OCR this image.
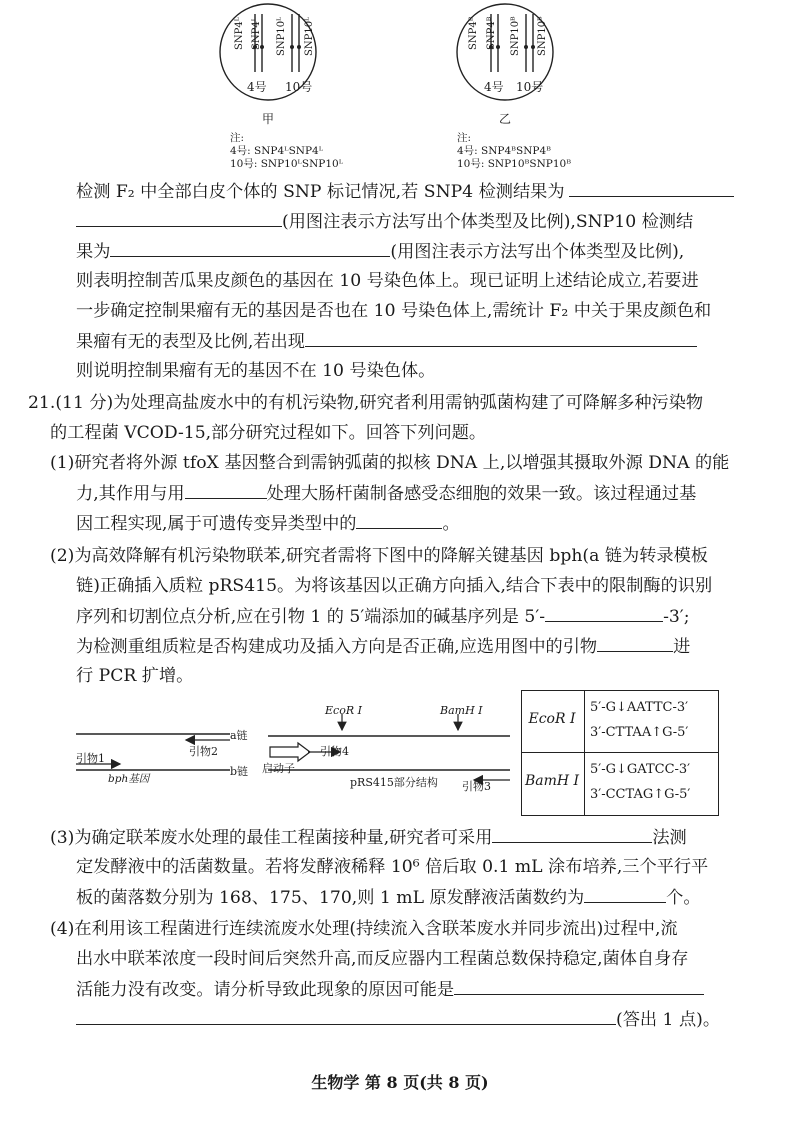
SNP4ᴸ SNP4ᴸ SNP10ᴸ SNP10ᴸ
4号 10号
甲
SNP4ᴮ SNP4ᴮ SNP10ᴮ SNP10ᴮ
4号 10号
乙
注:
4号: SNP4ᴸSNP4ᴸ
10号: SNP10ᴸSNP10ᴸ
注:
4号: SNP4ᴮSNP4ᴮ
10号: SNP10ᴮSNP10ᴮ
检测 F₂ 中全部白皮个体的 SNP 标记情况,若 SNP4 检测结果为
(用图注表示方法写出个体类型及比例),SNP10 检测结
果为	(用图注表示方法写出个体类型及比例),
则表明控制苦瓜果皮颜色的基因在 10 号染色体上。现已证明上述结论成立,若要进
一步确定控制果瘤有无的基因是否也在 10 号染色体上,需统计 F₂ 中关于果皮颜色和
果瘤有无的表型及比例,若出现
则说明控制果瘤有无的基因不在 10 号染色体。
21.(11 分)为处理高盐废水中的有机污染物,研究者利用需钠弧菌构建了可降解多种污染物
的工程菌 VCOD-15,部分研究过程如下。回答下列问题。
(1)研究者将外源 tfoX 基因整合到需钠弧菌的拟核 DNA 上,以增强其摄取外源 DNA 的能
力,其作用与用	处理大肠杆菌制备感受态细胞的效果一致。该过程通过基
因工程实现,属于可遗传变异类型中的	。
(2)为高效降解有机污染物联苯,研究者需将下图中的降解关键基因 bph(a 链为转录模板
链)正确插入质粒 pRS415。为将该基因以正确方向插入,结合下表中的限制酶的识别
序列和切割位点分析,应在引物 1 的 5′端添加的碱基序列是 5′-	-3′;
为检测重组质粒是否构建成功及插入方向是否正确,应选用图中的引物	进
行 PCR 扩增。
a链
b链
引物1
引物2
bph基因
EcoR Ⅰ	BamH Ⅰ
启动子
引物4
pRS415部分结构 引物3
EcoR Ⅰ
5′-G↓AATTC-3′
3′-CTTAA↑G-5′
BamH Ⅰ
5′-G↓GATCC-3′
3′-CCTAG↑G-5′
(3)为确定联苯废水处理的最佳工程菌接种量,研究者可采用	法测
定发酵液中的活菌数量。若将发酵液稀释 10⁶ 倍后取 0.1 mL 涂布培养,三个平行平
板的菌落数分别为 168、175、170,则 1 mL 原发酵液活菌数约为	个。
(4)在利用该工程菌进行连续流废水处理(持续流入含联苯废水并同步流出)过程中,流
出水中联苯浓度一段时间后突然升高,而反应器内工程菌总数保持稳定,菌体自身存
活能力没有改变。请分析导致此现象的原因可能是
(答出 1 点)。
生物学 第 8 页(共 8 页)
